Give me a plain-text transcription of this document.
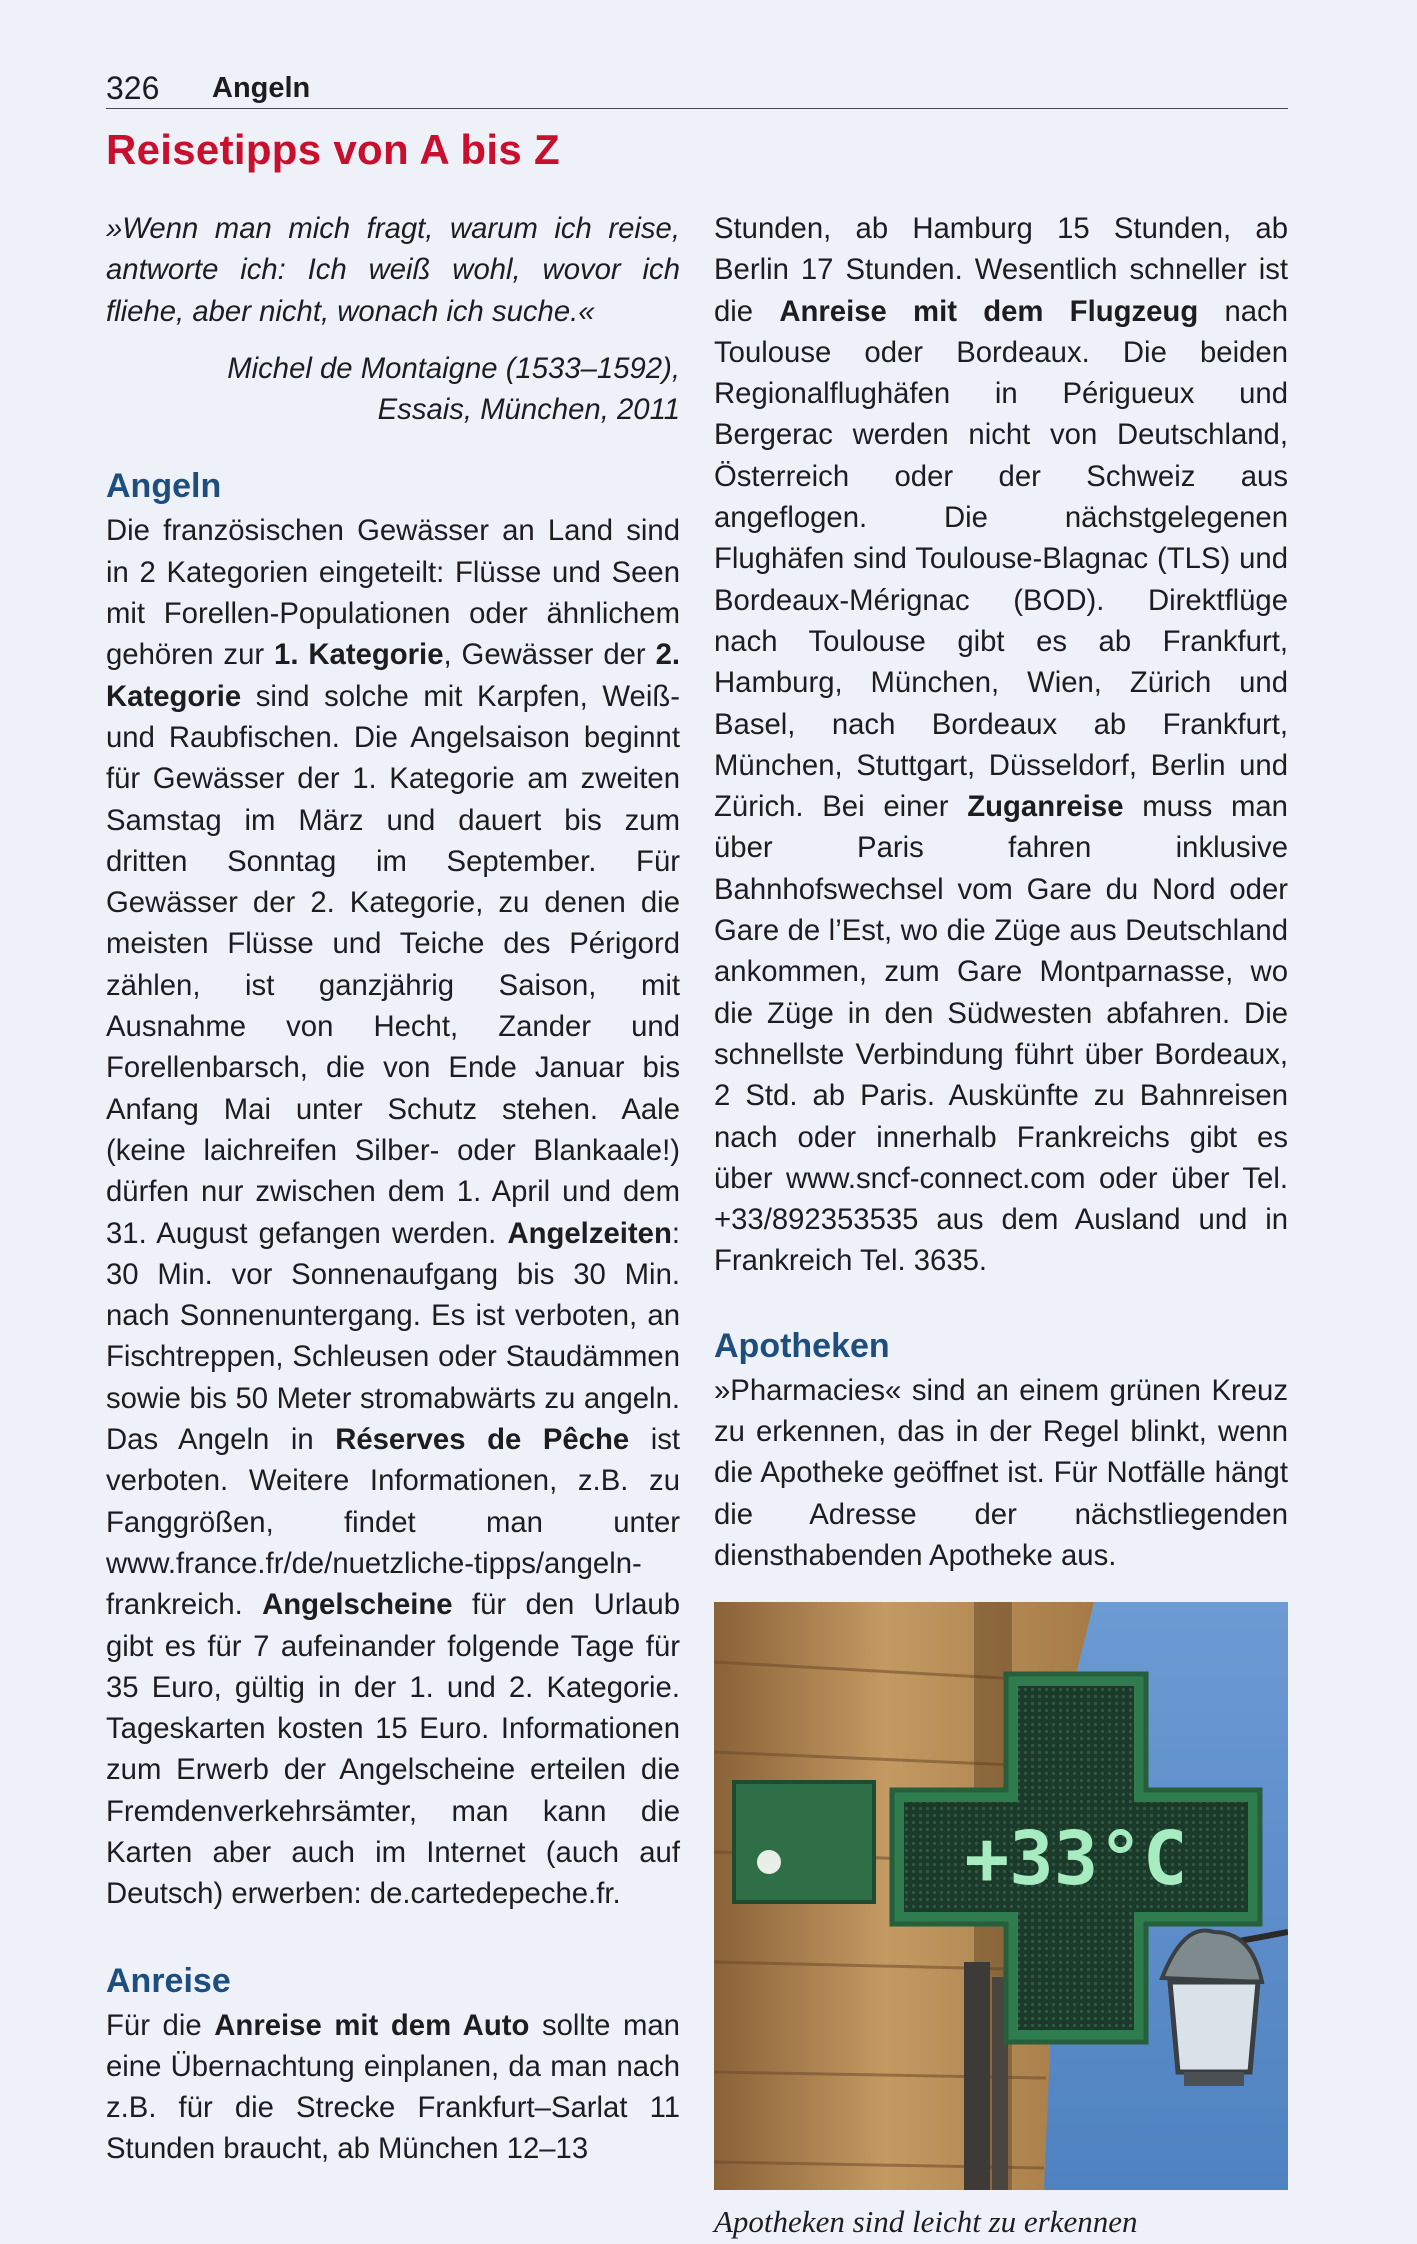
326 Angeln
Reisetipps von A bis Z

»Wenn man mich fragt, warum ich reise, antworte ich: Ich weiß wohl, wovor ich fliehe, aber nicht, wonach ich suche.«

Michel de Montaigne (1533–1592),
Essais, München, 2011

Angeln

Die französischen Gewässer an Land sind in 2 Kategorien eingeteilt: Flüsse und Seen mit Forellen-Populationen oder ähnlichem gehören zur 1. Kategorie, Gewässer der 2. Kategorie sind solche mit Karpfen, Weiß- und Raubfischen. Die Angelsaison beginnt für Gewässer der 1. Kategorie am zweiten Samstag im März und dauert bis zum dritten Sonntag im September. Für Gewässer der 2. Kategorie, zu denen die meisten Flüsse und Teiche des Périgord zählen, ist ganzjährig Saison, mit Ausnahme von Hecht, Zander und Forellenbarsch, die von Ende Januar bis Anfang Mai unter Schutz stehen. Aale (keine laichreifen Silber- oder Blankaale!) dürfen nur zwischen dem 1. April und dem 31. August gefangen werden. Angelzeiten: 30 Min. vor Sonnenaufgang bis 30 Min. nach Sonnenuntergang. Es ist verboten, an Fischtreppen, Schleusen oder Staudämmen sowie bis 50 Meter stromabwärts zu angeln. Das Angeln in Réserves de Pêche ist verboten. Weitere Informationen, z.B. zu Fanggrößen, findet man unter www.france.fr/de/nuetzliche-tipps/angeln-frankreich. Angelscheine für den Urlaub gibt es für 7 aufeinander folgende Tage für 35 Euro, gültig in der 1. und 2. Kategorie. Tageskarten kosten 15 Euro. Informationen zum Erwerb der Angelscheine erteilen die Fremdenverkehrsämter, man kann die Karten aber auch im Internet (auch auf Deutsch) erwerben: de.cartedepeche.fr.

Anreise

Für die Anreise mit dem Auto sollte man eine Übernachtung einplanen, da man nach z.B. für die Strecke Frankfurt–Sarlat 11 Stunden braucht, ab München 12–13

Stunden, ab Hamburg 15 Stunden, ab Berlin 17 Stunden. Wesentlich schneller ist die Anreise mit dem Flugzeug nach Toulouse oder Bordeaux. Die beiden Regionalflughäfen in Périgueux und Bergerac werden nicht von Deutschland, Österreich oder der Schweiz aus angeflogen. Die nächstgelegenen Flughäfen sind Toulouse-Blagnac (TLS) und Bordeaux-Mérignac (BOD). Direktflüge nach Toulouse gibt es ab Frankfurt, Hamburg, München, Wien, Zürich und Basel, nach Bordeaux ab Frankfurt, München, Stuttgart, Düsseldorf, Berlin und Zürich. Bei einer Zuganreise muss man über Paris fahren inklusive Bahnhofswechsel vom Gare du Nord oder Gare de l’Est, wo die Züge aus Deutschland ankommen, zum Gare Montparnasse, wo die Züge in den Südwesten abfahren. Die schnellste Verbindung führt über Bordeaux, 2 Std. ab Paris. Auskünfte zu Bahnreisen nach oder innerhalb Frankreichs gibt es über www.sncf-connect.com oder über Tel. +33/892353535 aus dem Ausland und in Frankreich Tel. 3635.

Apotheken

»Pharmacies« sind an einem grünen Kreuz zu erkennen, das in der Regel blinkt, wenn die Apotheke geöffnet ist. Für Notfälle hängt die Adresse der nächstliegenden diensthabenden Apotheke aus.

+33°C

Apotheken sind leicht zu erkennen
